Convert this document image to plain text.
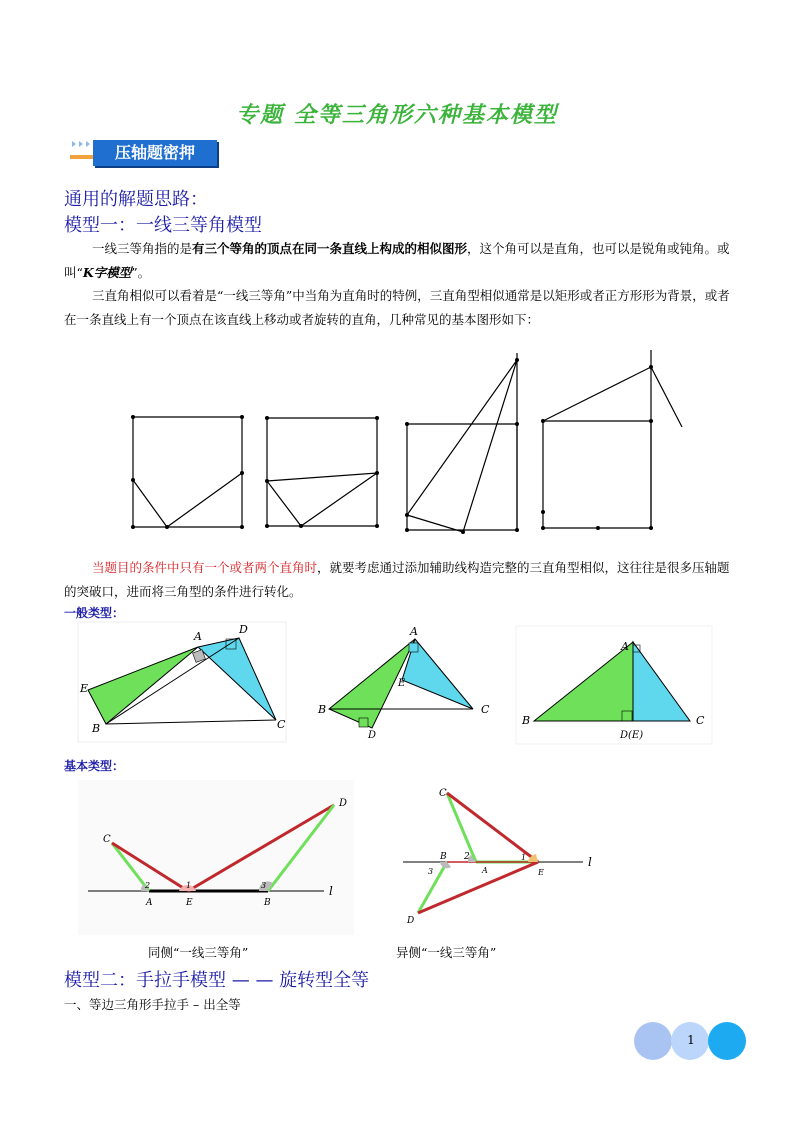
专题 全等三角形六种基本模型
压轴题密押
通用的解题思路：
模型一：一线三等角模型
一线三等角指的是有三个等角的顶点在同一条直线上构成的相似图形，这个角可以是直角，也可以是锐角或钝角。或叫“K字模型”。
三直角相似可以看着是“一线三等角”中当角为直角时的特例，三直角型相似通常是以矩形或者正方形形为背景，或者在一条直线上有一个顶点在该直线上移动或者旋转的直角，几种常见的基本图形如下：
当题目的条件中只有一个或者两个直角时，就要考虑通过添加辅助线构造完整的三直角型相似，这往往是很多压轴题的突破口，进而将三角型的条件进行转化。
一般类型：
A
D
E
B	C
A
E
B	C
D
A
B	C
D(E)
基本类型：
C
D
A	E	B
l
1
2	3
C
B 2
A
1
E
l
3
D
同侧“一线三等角”	异侧“一线三等角”
模型二：手拉手模型 — — 旋转型全等
一、等边三角形手拉手 – 出全等
1
